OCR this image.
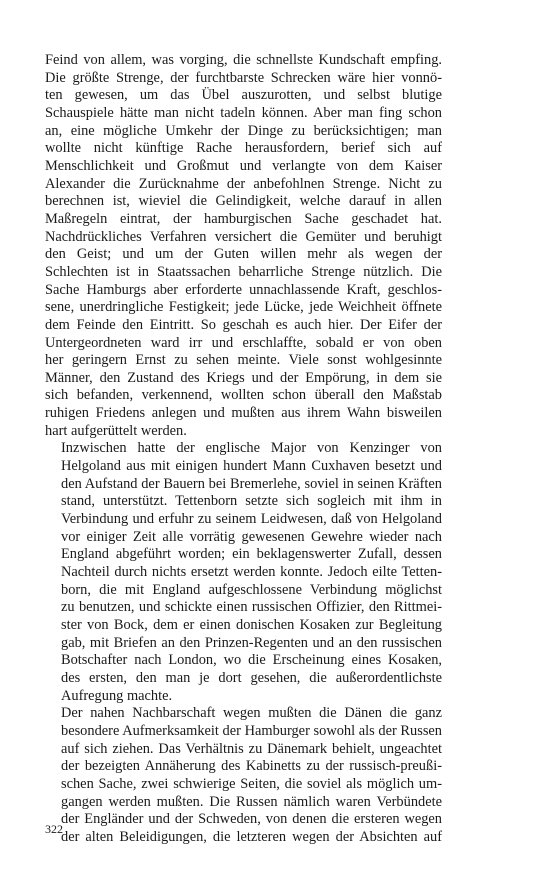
Feind von allem, was vorging, die schnellste Kundschaft empfing.
Die größte Strenge, der furchtbarste Schrecken wäre hier vonnö-
ten gewesen, um das Übel auszurotten, und selbst blutige
Schauspiele hätte man nicht tadeln können. Aber man fing schon
an, eine mögliche Umkehr der Dinge zu berücksichtigen; man
wollte nicht künftige Rache herausfordern, berief sich auf
Menschlichkeit und Großmut und verlangte von dem Kaiser
Alexander die Zurücknahme der anbefohlnen Strenge. Nicht zu
berechnen ist, wieviel die Gelindigkeit, welche darauf in allen
Maßregeln eintrat, der hamburgischen Sache geschadet hat.
Nachdrückliches Verfahren versichert die Gemüter und beruhigt
den Geist; und um der Guten willen mehr als wegen der
Schlechten ist in Staatssachen beharrliche Strenge nützlich. Die
Sache Hamburgs aber erforderte unnachlassende Kraft, geschlos-
sene, unerdringliche Festigkeit; jede Lücke, jede Weichheit öffnete
dem Feinde den Eintritt. So geschah es auch hier. Der Eifer der
Untergeordneten ward irr und erschlaffte, sobald er von oben
her geringern Ernst zu sehen meinte. Viele sonst wohlgesinnte
Männer, den Zustand des Kriegs und der Empörung, in dem sie
sich befanden, verkennend, wollten schon überall den Maßstab
ruhigen Friedens anlegen und mußten aus ihrem Wahn bisweilen
hart aufgerüttelt werden.

Inzwischen hatte der englische Major von Kenzinger von
Helgoland aus mit einigen hundert Mann Cuxhaven besetzt und
den Aufstand der Bauern bei Bremerlehe, soviel in seinen Kräften
stand, unterstützt. Tettenborn setzte sich sogleich mit ihm in
Verbindung und erfuhr zu seinem Leidwesen, daß von Helgoland
vor einiger Zeit alle vorrätig gewesenen Gewehre wieder nach
England abgeführt worden; ein beklagenswerter Zufall, dessen
Nachteil durch nichts ersetzt werden konnte. Jedoch eilte Tetten-
born, die mit England aufgeschlossene Verbindung möglichst
zu benutzen, und schickte einen russischen Offizier, den Rittmei-
ster von Bock, dem er einen donischen Kosaken zur Begleitung
gab, mit Briefen an den Prinzen-Regenten und an den russischen
Botschafter nach London, wo die Erscheinung eines Kosaken,
des ersten, den man je dort gesehen, die außerordentlichste
Aufregung machte.

Der nahen Nachbarschaft wegen mußten die Dänen die ganz
besondere Aufmerksamkeit der Hamburger sowohl als der Russen
auf sich ziehen. Das Verhältnis zu Dänemark behielt, ungeachtet
der bezeigten Annäherung des Kabinetts zu der russisch-preußi-
schen Sache, zwei schwierige Seiten, die soviel als möglich um-
gangen werden mußten. Die Russen nämlich waren Verbündete
der Engländer und der Schweden, von denen die ersteren wegen
der alten Beleidigungen, die letzteren wegen der Absichten auf

322
